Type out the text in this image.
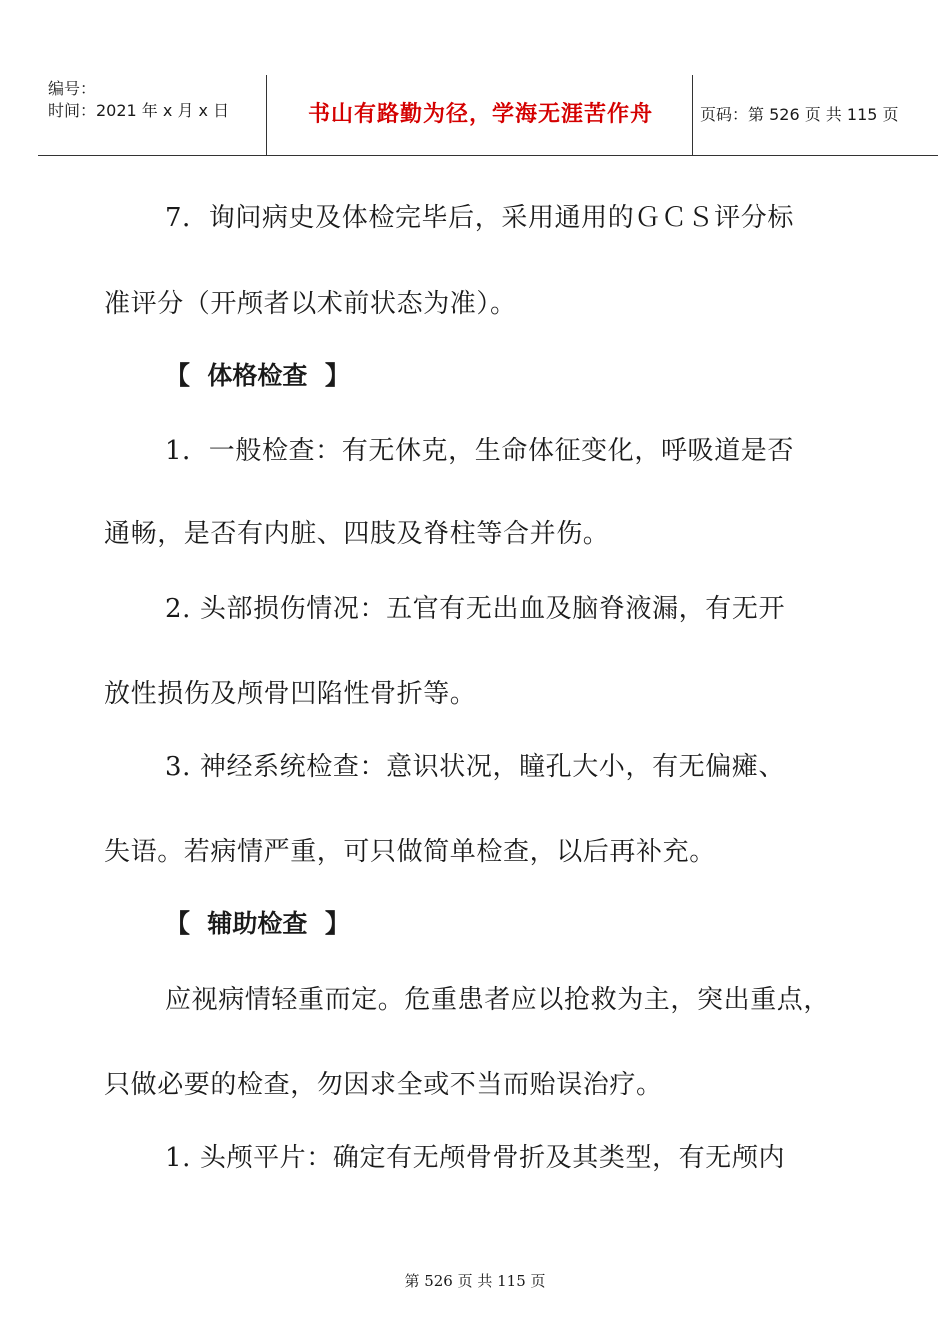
编号：
时间：2021 年 x 月 x 日	书山有路勤为径，学海无涯苦作舟	页码：第 526 页 共 115 页
7．询问病史及体检完毕后，采用通用的ＧＣＳ评分标
准评分（开颅者以术前状态为准）。
【  体格检查  】
1．一般检查：有无休克，生命体征变化，呼吸道是否
通畅，是否有内脏、四肢及脊柱等合并伤。
2. 头部损伤情况：五官有无出血及脑脊液漏，有无开
放性损伤及颅骨凹陷性骨折等。
3. 神经系统检查：意识状况，瞳孔大小，有无偏瘫、
失语。若病情严重，可只做简单检查，以后再补充。
【  辅助检查  】
应视病情轻重而定。危重患者应以抢救为主，突出重点，
只做必要的检查，勿因求全或不当而贻误治疗。
1. 头颅平片：确定有无颅骨骨折及其类型，有无颅内
第 526 页 共 115 页
